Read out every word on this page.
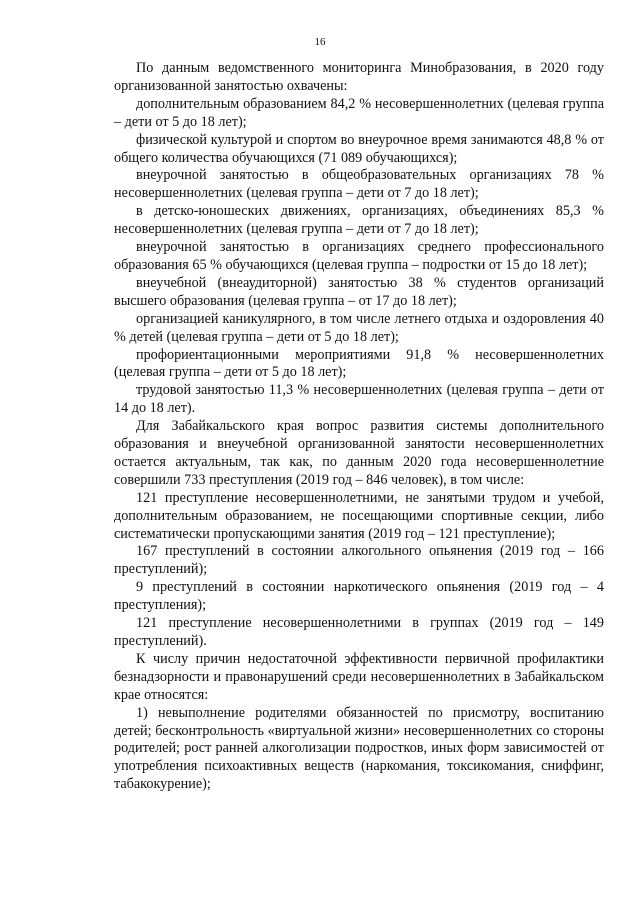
16

По данным ведомственного мониторинга Минобразования, в 2020 году организованной занятостью охвачены:

дополнительным образованием 84,2 % несовершеннолетних (целевая группа – дети от 5 до 18 лет);

физической культурой и спортом во внеурочное время занимаются 48,8 % от общего количества обучающихся (71 089 обучающихся);

внеурочной занятостью в общеобразовательных организациях 78 % несовершеннолетних (целевая группа – дети от 7 до 18 лет);

в детско-юношеских движениях, организациях, объединениях 85,3 % несовершеннолетних (целевая группа – дети от 7 до 18 лет);

внеурочной занятостью в организациях среднего профессионального образования 65 % обучающихся (целевая группа – подростки от 15 до 18 лет);

внеучебной (внеаудиторной) занятостью 38 % студентов организаций высшего образования (целевая группа – от 17 до 18 лет);

организацией каникулярного, в том числе летнего отдыха и оздоровления 40 % детей (целевая группа – дети от 5 до 18 лет);

профориентационными мероприятиями 91,8 % несовершеннолетних (целевая группа – дети от 5 до 18 лет);

трудовой занятостью 11,3 % несовершеннолетних (целевая группа – дети от 14 до 18 лет).

Для Забайкальского края вопрос развития системы дополнительного образования и внеучебной организованной занятости несовершеннолетних остается актуальным, так как, по данным 2020 года несовершеннолетние совершили 733 преступления (2019 год – 846 человек), в том числе:

121 преступление несовершеннолетними, не занятыми трудом и учебой, дополнительным образованием, не посещающими спортивные секции, либо систематически пропускающими занятия (2019 год – 121 преступление);

167 преступлений в состоянии алкогольного опьянения (2019 год – 166 преступлений);

9 преступлений в состоянии наркотического опьянения (2019 год – 4 преступления);

121 преступление несовершеннолетними в группах (2019 год – 149 преступлений).

К числу причин недостаточной эффективности первичной профилактики безнадзорности и правонарушений среди несовершеннолетних в Забайкальском крае относятся:

1) невыполнение родителями обязанностей по присмотру, воспитанию детей; бесконтрольность «виртуальной жизни» несовершеннолетних со стороны родителей; рост ранней алкоголизации подростков, иных форм зависимостей от употребления психоактивных веществ (наркомания, токсикомания, сниффинг, табакокурение);
